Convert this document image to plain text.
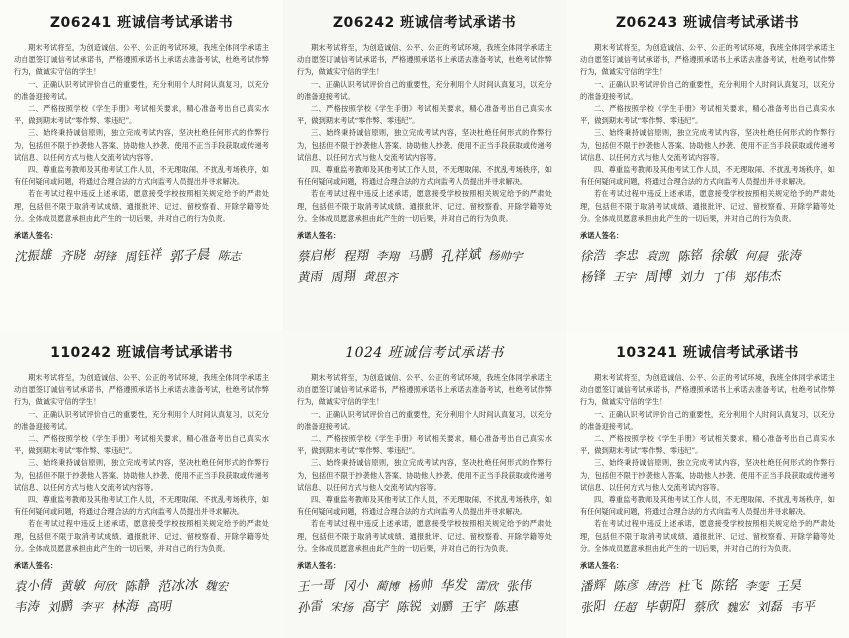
Z06241 班诚信考试承诺书

期末考试将至，为创造诚信、公平、公正的考试环境，我班全体同学承诺主动自愿签订诚信考试承诺书，严格遵照承诺书上承诺去准备考试，杜绝考试作弊行为，做诚实守信的学生！

一、正确认识考试评价自己的重要性，充分利用个人时间认真复习，以充分的准备迎接考试。

二、严格按照学校《学生手册》考试相关要求，精心准备考出自己真实水平，做到期末考试“零作弊、零违纪”。

三、始终秉持诚信原则，独立完成考试内容，坚决杜绝任何形式的作弊行为，包括但不限于抄袭他人答案、协助他人抄袭、使用不正当手段获取或传递考试信息、以任何方式与他人交流考试内容等。

四、尊重监考教师及其他考试工作人员，不无理取闹、不扰乱考场秩序，如有任何疑问或问题，将通过合理合法的方式向监考人员提出并寻求解决。

若在考试过程中违反上述承诺，愿意接受学校按照相关规定给予的严肃处理，包括但不限于取消考试成绩、通报批评、记过、留校察看、开除学籍等处分。全体成员愿意承担由此产生的一切后果，并对自己的行为负责。

承诺人签名：
沈振雄 齐晓 胡锋 周钰祥 郭子晨 陈志
Z06242 班诚信考试承诺书

期末考试将至，为创造诚信、公平、公正的考试环境，我班全体同学承诺主动自愿签订诚信考试承诺书，严格遵照承诺书上承诺去准备考试，杜绝考试作弊行为，做诚实守信的学生！

一、正确认识考试评价自己的重要性，充分利用个人时间认真复习，以充分的准备迎接考试。

二、严格按照学校《学生手册》考试相关要求，精心准备考出自己真实水平，做到期末考试“零作弊、零违纪”。

三、始终秉持诚信原则，独立完成考试内容，坚决杜绝任何形式的作弊行为，包括但不限于抄袭他人答案、协助他人抄袭、使用不正当手段获取或传递考试信息、以任何方式与他人交流考试内容等。

四、尊重监考教师及其他考试工作人员，不无理取闹、不扰乱考场秩序，如有任何疑问或问题，将通过合理合法的方式向监考人员提出并寻求解决。

若在考试过程中违反上述承诺，愿意接受学校按照相关规定给予的严肃处理，包括但不限于取消考试成绩、通报批评、记过、留校察看、开除学籍等处分。全体成员愿意承担由此产生的一切后果，并对自己的行为负责。

承诺人签名：
蔡启彬 程翔 李翔 马鹏 孔祥斌 杨帅宇黄雨 周翔 黄思齐
Z06243 班诚信考试承诺书

期末考试将至，为创造诚信、公平、公正的考试环境，我班全体同学承诺主动自愿签订诚信考试承诺书，严格遵照承诺书上承诺去准备考试，杜绝考试作弊行为，做诚实守信的学生！

一、正确认识考试评价自己的重要性，充分利用个人时间认真复习，以充分的准备迎接考试。

二、严格按照学校《学生手册》考试相关要求，精心准备考出自己真实水平，做到期末考试“零作弊、零违纪”。

三、始终秉持诚信原则，独立完成考试内容，坚决杜绝任何形式的作弊行为，包括但不限于抄袭他人答案、协助他人抄袭、使用不正当手段获取或传递考试信息、以任何方式与他人交流考试内容等。

四、尊重监考教师及其他考试工作人员，不无理取闹、不扰乱考场秩序，如有任何疑问或问题，将通过合理合法的方式向监考人员提出并寻求解决。

若在考试过程中违反上述承诺，愿意接受学校按照相关规定给予的严肃处理，包括但不限于取消考试成绩、通报批评、记过、留校察看、开除学籍等处分。全体成员愿意承担由此产生的一切后果，并对自己的行为负责。

承诺人签名：
徐浩 李忠 袁凯 陈铭 徐敏 何晨 张涛杨锋 王宇 周博 刘力 丁伟 郑伟杰
110242 班诚信考试承诺书

期末考试将至，为创造诚信、公平、公正的考试环境，我班全体同学承诺主动自愿签订诚信考试承诺书，严格遵照承诺书上承诺去准备考试，杜绝考试作弊行为，做诚实守信的学生！

一、正确认识考试评价自己的重要性，充分利用个人时间认真复习，以充分的准备迎接考试。

二、严格按照学校《学生手册》考试相关要求，精心准备考出自己真实水平，做到期末考试“零作弊、零违纪”。

三、始终秉持诚信原则，独立完成考试内容，坚决杜绝任何形式的作弊行为，包括但不限于抄袭他人答案、协助他人抄袭、使用不正当手段获取或传递考试信息、以任何方式与他人交流考试内容等。

四、尊重监考教师及其他考试工作人员，不无理取闹、不扰乱考场秩序，如有任何疑问或问题，将通过合理合法的方式向监考人员提出并寻求解决。

若在考试过程中违反上述承诺，愿意接受学校按照相关规定给予的严肃处理，包括但不限于取消考试成绩、通报批评、记过、留校察看、开除学籍等处分。全体成员愿意承担由此产生的一切后果，并对自己的行为负责。

承诺人签名：
袁小倩 黄敏 何欣 陈静 范冰冰 魏宏韦涛 刘鹏 李平 林海 高明
1024 班诚信考试承诺书

期末考试将至，为创造诚信、公平、公正的考试环境，我班全体同学承诺主动自愿签订诚信考试承诺书，严格遵照承诺书上承诺去准备考试，杜绝考试作弊行为，做诚实守信的学生！

一、正确认识考试评价自己的重要性，充分利用个人时间认真复习，以充分的准备迎接考试。

二、严格按照学校《学生手册》考试相关要求，精心准备考出自己真实水平，做到期末考试“零作弊、零违纪”。

三、始终秉持诚信原则，独立完成考试内容，坚决杜绝任何形式的作弊行为，包括但不限于抄袭他人答案、协助他人抄袭、使用不正当手段获取或传递考试信息、以任何方式与他人交流考试内容等。

四、尊重监考教师及其他考试工作人员，不无理取闹、不扰乱考场秩序，如有任何疑问或问题，将通过合理合法的方式向监考人员提出并寻求解决。

若在考试过程中违反上述承诺，愿意接受学校按照相关规定给予的严肃处理，包括但不限于取消考试成绩、通报批评、记过、留校察看、开除学籍等处分。全体成员愿意承担由此产生的一切后果，并对自己的行为负责。

承诺人签名：
王一哥 冈小 蔺博 杨帅 华发 雷欣 张伟孙雷 宋扬 高宇 陈锐 刘鹏 王宇 陈惠
103241 班诚信考试承诺书

期末考试将至，为创造诚信、公平、公正的考试环境，我班全体同学承诺主动自愿签订诚信考试承诺书，严格遵照承诺书上承诺去准备考试，杜绝考试作弊行为，做诚实守信的学生！

一、正确认识考试评价自己的重要性，充分利用个人时间认真复习，以充分的准备迎接考试。

二、严格按照学校《学生手册》考试相关要求，精心准备考出自己真实水平，做到期末考试“零作弊、零违纪”。

三、始终秉持诚信原则，独立完成考试内容，坚决杜绝任何形式的作弊行为，包括但不限于抄袭他人答案、协助他人抄袭、使用不正当手段获取或传递考试信息、以任何方式与他人交流考试内容等。

四、尊重监考教师及其他考试工作人员，不无理取闹、不扰乱考场秩序，如有任何疑问或问题，将通过合理合法的方式向监考人员提出并寻求解决。

若在考试过程中违反上述承诺，愿意接受学校按照相关规定给予的严肃处理，包括但不限于取消考试成绩、通报批评、记过、留校察看、开除学籍等处分。全体成员愿意承担由此产生的一切后果，并对自己的行为负责。

承诺人签名：
潘辉 陈彦 唐浩 杜飞 陈铭 李雯 王昊张阳 任超 毕朝阳 蔡欣 魏宏 刘磊 韦平
